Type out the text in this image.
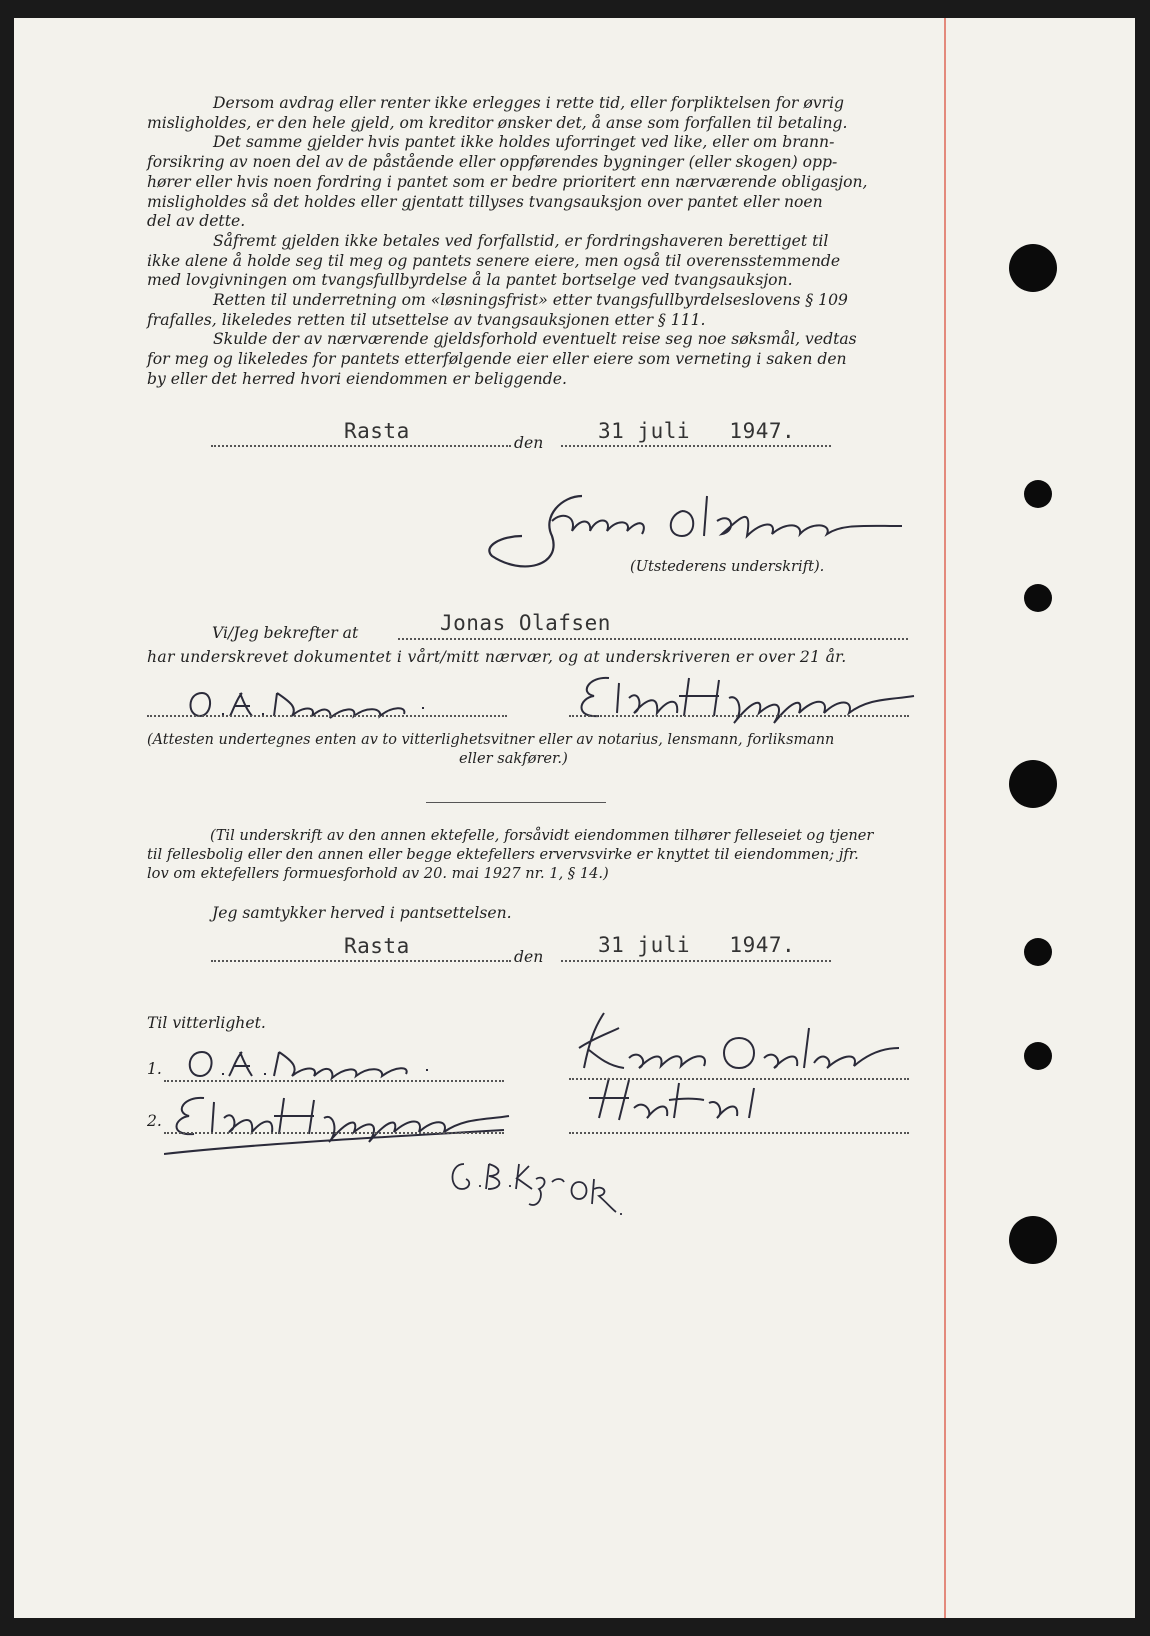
Dersom avdrag eller renter ikke erlegges i rette tid, eller forpliktelsen for øvrig
misligholdes, er den hele gjeld, om kreditor ønsker det, å anse som forfallen til betaling.
Det samme gjelder hvis pantet ikke holdes uforringet ved like, eller om brann-
forsikring av noen del av de påstående eller oppførendes bygninger (eller skogen) opp-
hører eller hvis noen fordring i pantet som er bedre prioritert enn nærværende obligasjon,
misligholdes så det holdes eller gjentatt tillyses tvangsauksjon over pantet eller noen
del av dette.
Såfremt gjelden ikke betales ved forfallstid, er fordringshaveren berettiget til
ikke alene å holde seg til meg og pantets senere eiere, men også til overensstemmende
med lovgivningen om tvangsfullbyrdelse å la pantet bortselge ved tvangsauksjon.
Retten til underretning om «løsningsfrist» etter tvangsfullbyrdelseslovens § 109
frafalles, likeledes retten til utsettelse av tvangsauksjonen etter § 111.
Skulde der av nærværende gjeldsforhold eventuelt reise seg noe søksmål, vedtas
for meg og likeledes for pantets etterfølgende eier eller eiere som verneting i saken den
by eller det herred hvori eiendommen er beliggende.
Rasta	den	31 juli   1947.
(Utstederens underskrift).
Vi/Jeg bekrefter at	Jonas Olafsen
har underskrevet dokumentet i vårt/mitt nærvær, og at underskriveren er over 21 år.
(Attesten undertegnes enten av to vitterlighetsvitner eller av notarius, lensmann, forliksmann
eller sakfører.)
(Til underskrift av den annen ektefelle, forsåvidt eiendommen tilhører felleseiet og tjener
til fellesbolig eller den annen eller begge ektefellers ervervsvirke er knyttet til eiendommen; jfr.
lov om ektefellers formuesforhold av 20. mai 1927 nr. 1, § 14.)
Jeg samtykker herved i pantsettelsen.
Rasta	den	31 juli   1947.
Til vitterlighet.
1.
2.
